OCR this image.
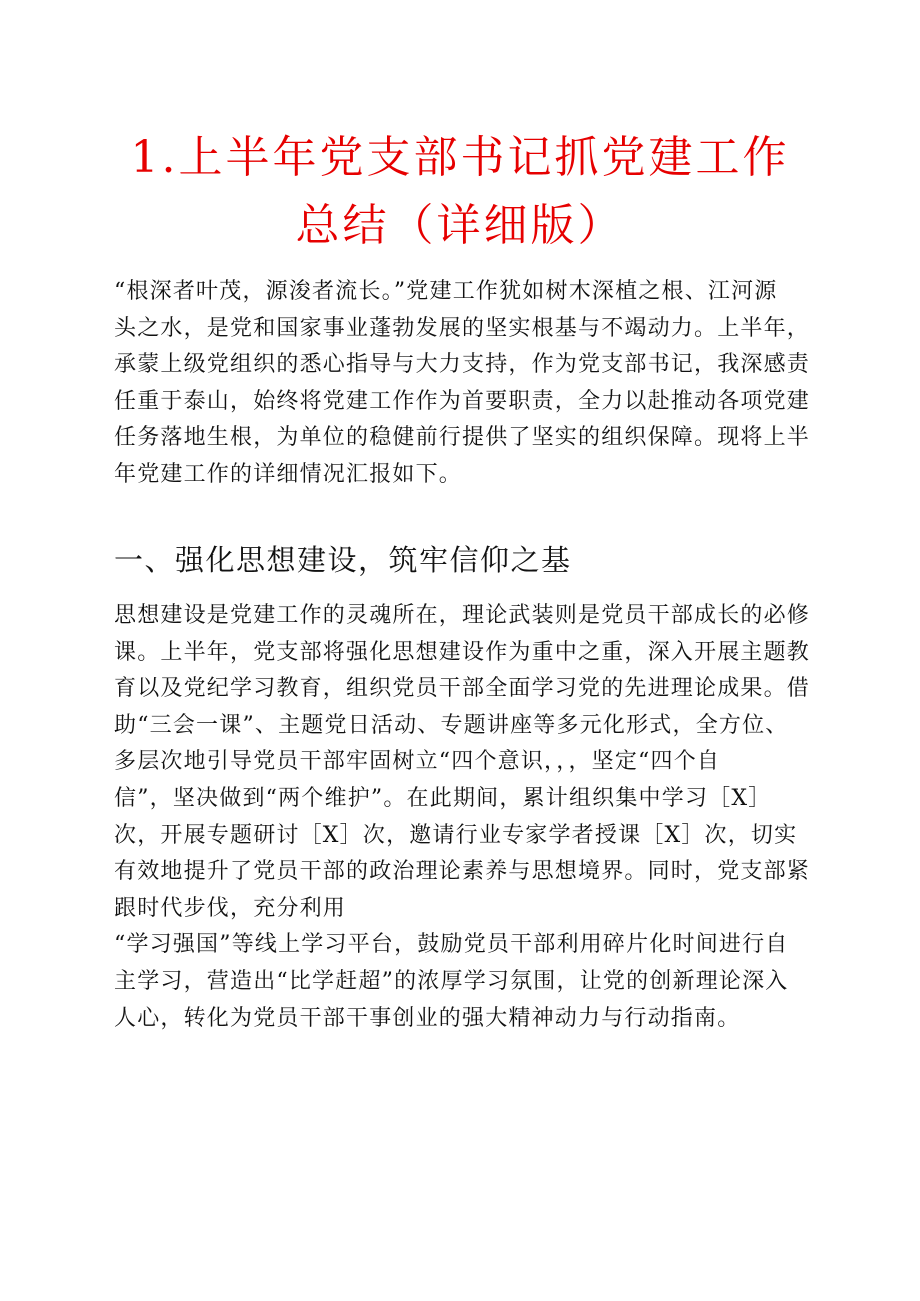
1.上半年党支部书记抓党建工作
总结（详细版）
“根深者叶茂，源浚者流长。”党建工作犹如树木深植之根、江河源
头之水，是党和国家事业蓬勃发展的坚实根基与不竭动力。上半年，
承蒙上级党组织的悉心指导与大力支持，作为党支部书记，我深感责
任重于泰山，始终将党建工作作为首要职责，全力以赴推动各项党建
任务落地生根，为单位的稳健前行提供了坚实的组织保障。现将上半
年党建工作的详细情况汇报如下。
一、强化思想建设，筑牢信仰之基
思想建设是党建工作的灵魂所在，理论武装则是党员干部成长的必修
课。上半年，党支部将强化思想建设作为重中之重，深入开展主题教
育以及党纪学习教育，组织党员干部全面学习党的先进理论成果。借
助“三会一课”、主题党日活动、专题讲座等多元化形式，全方位、
多层次地引导党员干部牢固树立“四个意识，，，坚定“四个自
信”，坚决做到“两个维护”。在此期间，累计组织集中学习［X］
次，开展专题研讨［X］次，邀请行业专家学者授课［X］次，切实
有效地提升了党员干部的政治理论素养与思想境界。同时，党支部紧
跟时代步伐，充分利用
“学习强国”等线上学习平台，鼓励党员干部利用碎片化时间进行自
主学习，营造出“比学赶超”的浓厚学习氛围，让党的创新理论深入
人心，转化为党员干部干事创业的强大精神动力与行动指南。
